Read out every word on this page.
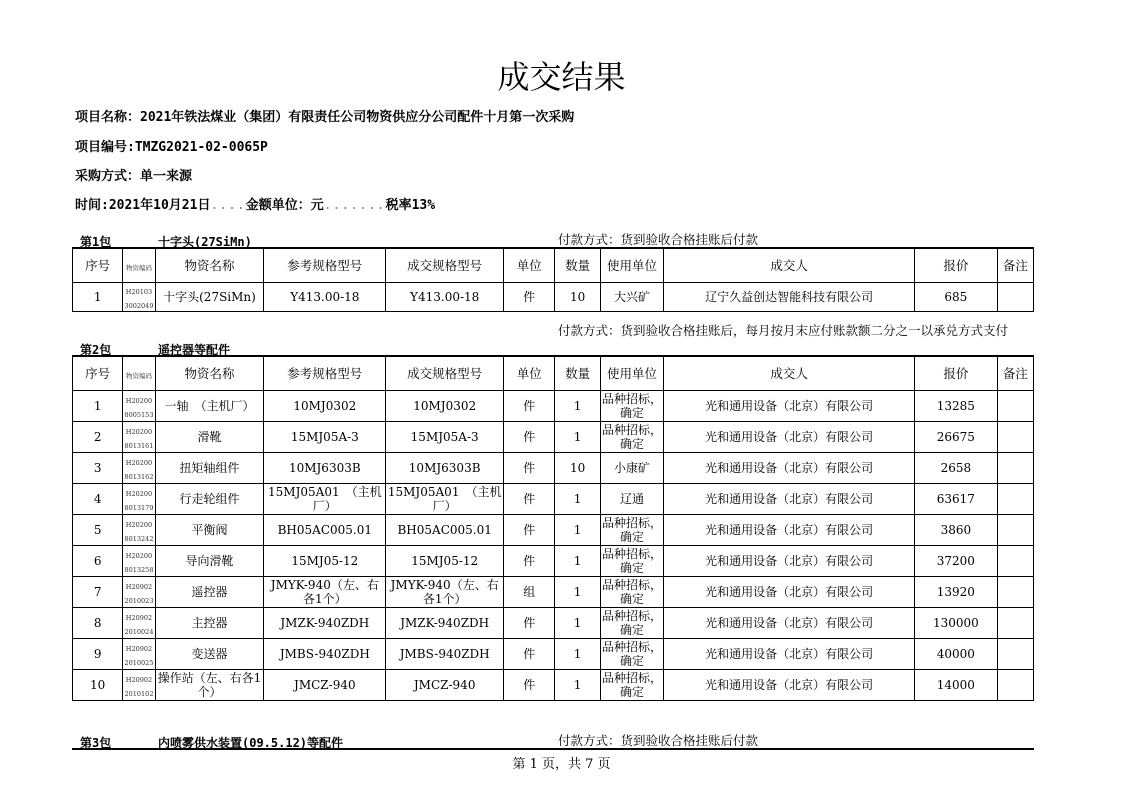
成交结果
项目名称：2021年铁法煤业（集团）有限责任公司物资供应分公司配件十月第一次采购
项目编号:TMZG2021-02-0065P
采购方式：单一来源
时间:2021年10月21日....金额单位：元.......税率13%
第1包	十字头(27SiMn)	付款方式：货到验收合格挂账后付款
序号	物资编码	物资名称	参考规格型号	成交规格型号	单位	数量	使用单位	成交人	报价	备注
1	H201033002049	十字头(27SiMn)	Y413.00-18	Y413.00-18	件	10	大兴矿	辽宁久益创达智能科技有限公司	685	
付款方式：货到验收合格挂账后，每月按月末应付账款额二分之一以承兑方式支付
第2包	遥控器等配件
序号	物资编码	物资名称	参考规格型号	成交规格型号	单位	数量	使用单位	成交人	报价	备注

1	H202008005153	一轴　（主机厂）	10MJ0302	10MJ0302	件	1	品种招标，确定	光和通用设备（北京）有限公司	13285	

2	H202008013161	滑靴	15MJ05A-3	15MJ05A-3	件	1	品种招标，确定	光和通用设备（北京）有限公司	26675	

3	H202008013162	扭矩轴组件	10MJ6303B	10MJ6303B	件	10	小康矿	光和通用设备（北京）有限公司	2658	

4	H202008013179	行走轮组件	15MJ05A01　（主机厂）	15MJ05A01　（主机厂）	件	1	辽通	光和通用设备（北京）有限公司	63617	

5	H202008013242	平衡阀	BH05AC005.01	BH05AC005.01	件	1	品种招标，确定	光和通用设备（北京）有限公司	3860	

6	H202008013258	导向滑靴	15MJ05-12	15MJ05-12	件	1	品种招标，确定	光和通用设备（北京）有限公司	37200	

7	H209022010023	遥控器	JMYK-940（左、右各1个）	JMYK-940（左、右各1个）	组	1	品种招标，确定	光和通用设备（北京）有限公司	13920	

8	H209022010024	主控器	JMZK-940ZDH	JMZK-940ZDH	件	1	品种招标，确定	光和通用设备（北京）有限公司	130000	

9	H209022010025	变送器	JMBS-940ZDH	JMBS-940ZDH	件	1	品种招标，确定	光和通用设备（北京）有限公司	40000	

10	H209022010102	操作站（左、右各1个）	JMCZ-940	JMCZ-940	件	1	品种招标，确定	光和通用设备（北京）有限公司	14000	

第3包	内喷雾供水装置(09.5.12)等配件	付款方式：货到验收合格挂账后付款
第 1 页，共 7 页
